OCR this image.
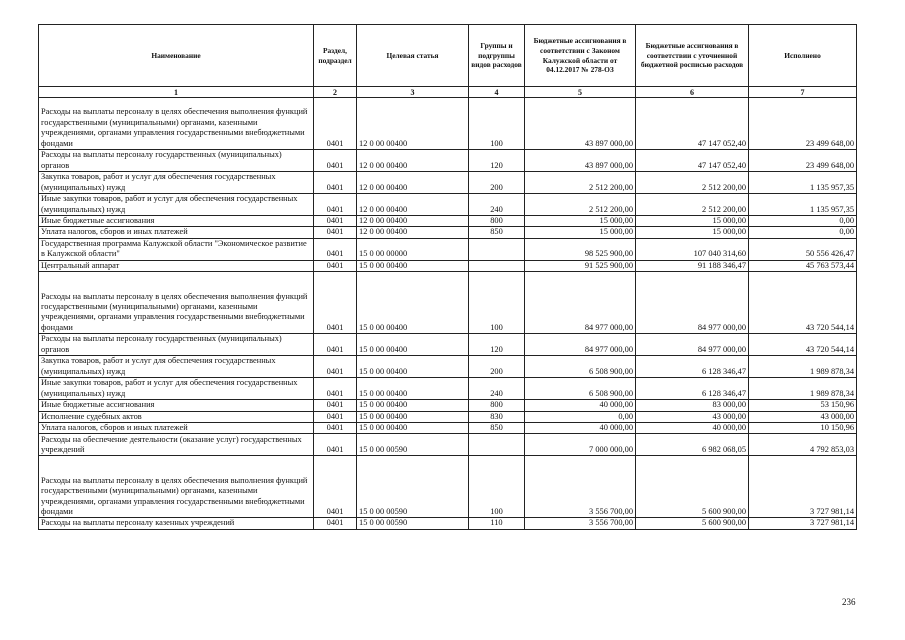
Наименование	Раздел, подраздел	Целевая статья	Группы и подгруппы видов расходов	Бюджетные ассигнования в соответствии с Законом Калужской области от 04.12.2017 № 278-ОЗ	Бюджетные ассигнования в соответствии с уточненной бюджетной росписью расходов	Исполнено
1	2	3	4	5	6	7
Расходы на выплаты персоналу в целях обеспечения выполнения функций государственными (муниципальными) органами, казенными учреждениями, органами управления государственными внебюджетными фондами	0401	12 0 00 00400	100	43 897 000,00	47 147 052,40	23 499 648,00
Расходы на выплаты персоналу государственных (муниципальных) органов	0401	12 0 00 00400	120	43 897 000,00	47 147 052,40	23 499 648,00
Закупка товаров, работ и услуг для обеспечения государственных (муниципальных) нужд	0401	12 0 00 00400	200	2 512 200,00	2 512 200,00	1 135 957,35
Иные закупки товаров, работ и услуг для обеспечения государственных (муниципальных) нужд	0401	12 0 00 00400	240	2 512 200,00	2 512 200,00	1 135 957,35
Иные бюджетные ассигнования	0401	12 0 00 00400	800	15 000,00	15 000,00	0,00
Уплата налогов, сборов и иных платежей	0401	12 0 00 00400	850	15 000,00	15 000,00	0,00
Государственная программа Калужской области "Экономическое развитие в Калужской области"	0401	15 0 00 00000		98 525 900,00	107 040 314,60	50 556 426,47
Центральный аппарат	0401	15 0 00 00400		91 525 900,00	91 188 346,47	45 763 573,44
Расходы на выплаты персоналу в целях обеспечения выполнения функций государственными (муниципальными) органами, казенными учреждениями, органами управления государственными внебюджетными фондами	0401	15 0 00 00400	100	84 977 000,00	84 977 000,00	43 720 544,14
Расходы на выплаты персоналу государственных (муниципальных) органов	0401	15 0 00 00400	120	84 977 000,00	84 977 000,00	43 720 544,14
Закупка товаров, работ и услуг для обеспечения государственных (муниципальных) нужд	0401	15 0 00 00400	200	6 508 900,00	6 128 346,47	1 989 878,34
Иные закупки товаров, работ и услуг для обеспечения государственных (муниципальных) нужд	0401	15 0 00 00400	240	6 508 900,00	6 128 346,47	1 989 878,34
Иные бюджетные ассигнования	0401	15 0 00 00400	800	40 000,00	83 000,00	53 150,96
Исполнение судебных актов	0401	15 0 00 00400	830	0,00	43 000,00	43 000,00
Уплата налогов, сборов и иных платежей	0401	15 0 00 00400	850	40 000,00	40 000,00	10 150,96
Расходы на обеспечение деятельности (оказание услуг) государственных учреждений	0401	15 0 00 00590		7 000 000,00	6 982 068,05	4 792 853,03
Расходы на выплаты персоналу в целях обеспечения выполнения функций государственными (муниципальными) органами, казенными учреждениями, органами управления государственными внебюджетными фондами	0401	15 0 00 00590	100	3 556 700,00	5 600 900,00	3 727 981,14
Расходы на выплаты персоналу казенных учреждений	0401	15 0 00 00590	110	3 556 700,00	5 600 900,00	3 727 981,14
236
